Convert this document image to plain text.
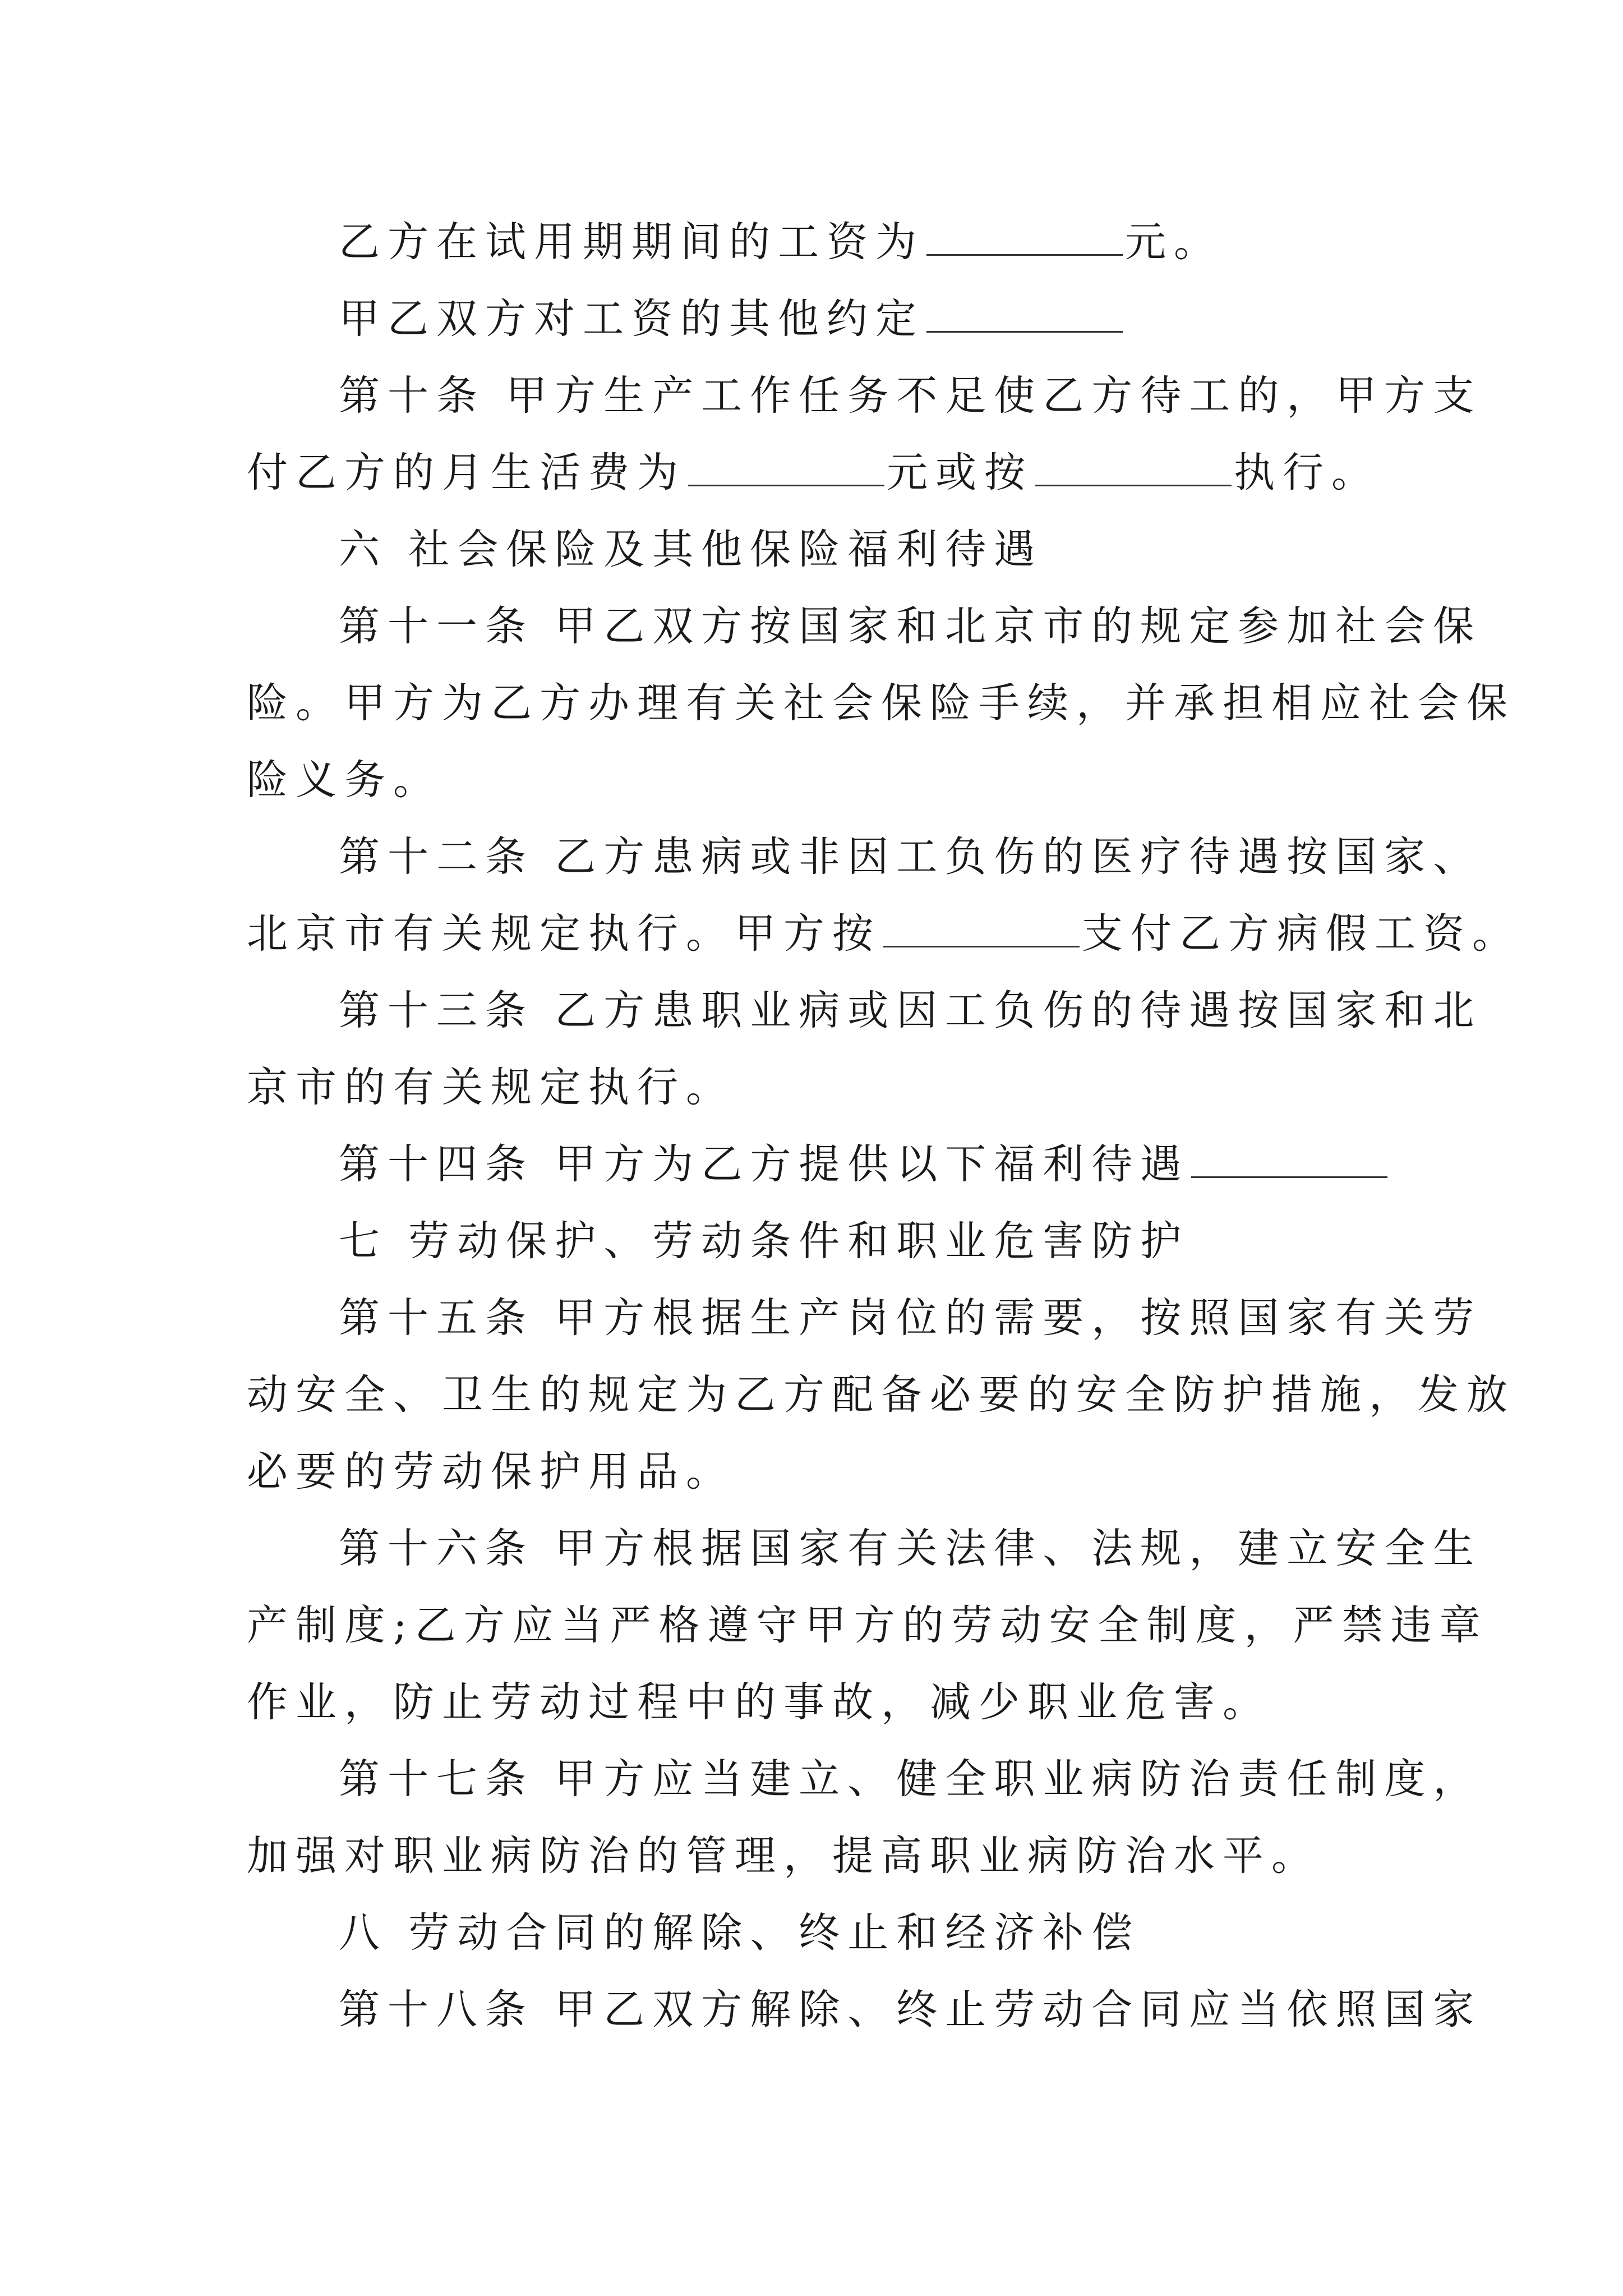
乙方在试用期期间的工资为	元。
甲乙双方对工资的其他约定
第十条 甲方生产工作任务不足使乙方待工的，甲方支
付乙方的月生活费为	元或按	执行。
六 社会保险及其他保险福利待遇
第十一条 甲乙双方按国家和北京市的规定参加社会保
险。甲方为乙方办理有关社会保险手续，并承担相应社会保
险义务。
第十二条 乙方患病或非因工负伤的医疗待遇按国家、
北京市有关规定执行。甲方按	支付乙方病假工资。
第十三条 乙方患职业病或因工负伤的待遇按国家和北
京市的有关规定执行。
第十四条 甲方为乙方提供以下福利待遇
七 劳动保护、劳动条件和职业危害防护
第十五条 甲方根据生产岗位的需要，按照国家有关劳
动安全、卫生的规定为乙方配备必要的安全防护措施，发放
必要的劳动保护用品。
第十六条 甲方根据国家有关法律、法规，建立安全生
产制度;乙方应当严格遵守甲方的劳动安全制度，严禁违章
作业，防止劳动过程中的事故，减少职业危害。
第十七条 甲方应当建立、健全职业病防治责任制度，
加强对职业病防治的管理，提高职业病防治水平。
八 劳动合同的解除、终止和经济补偿
第十八条 甲乙双方解除、终止劳动合同应当依照国家
